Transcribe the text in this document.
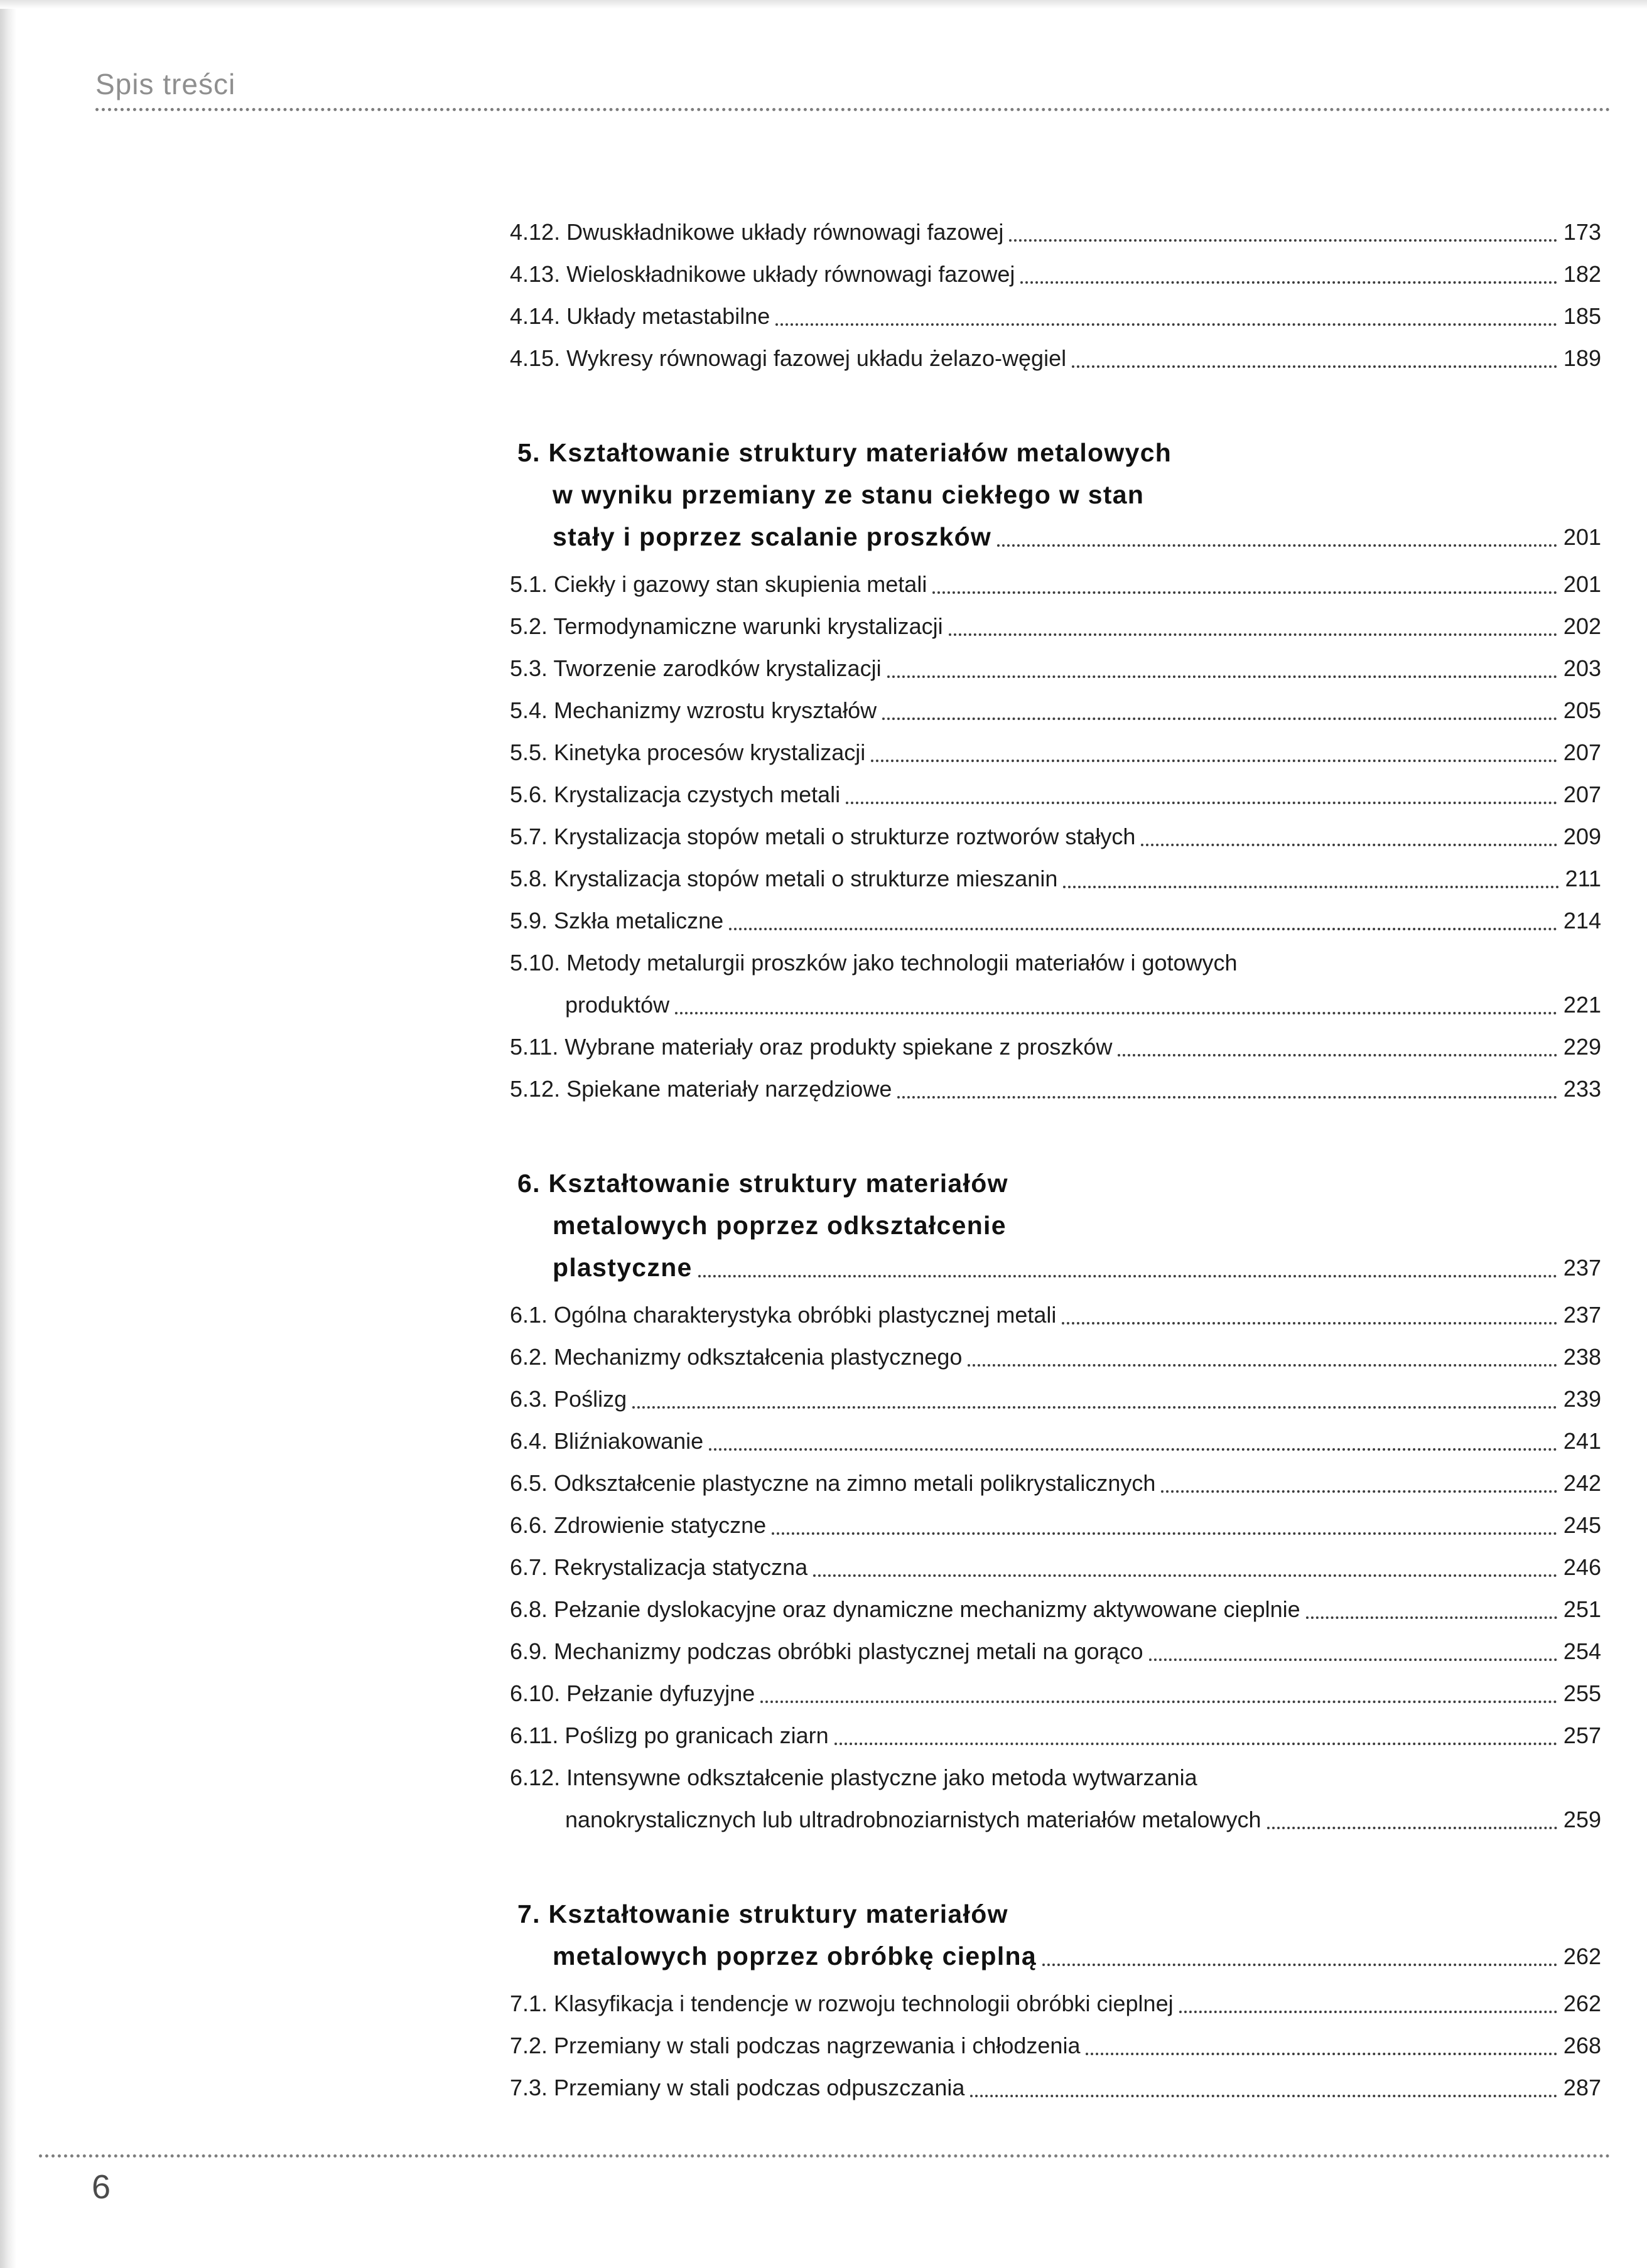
Spis treści
4.12. Dwuskładnikowe układy równowagi fazowej	173
4.13. Wieloskładnikowe układy równowagi fazowej	182
4.14. Układy metastabilne	185
4.15. Wykresy równowagi fazowej układu żelazo-węgiel	189
5. Kształtowanie struktury materiałów metalowych
w wyniku przemiany ze stanu ciekłego w stan
stały i poprzez scalanie proszków	201
5.1. Ciekły i gazowy stan skupienia metali	201
5.2. Termodynamiczne warunki krystalizacji	202
5.3. Tworzenie zarodków krystalizacji	203
5.4. Mechanizmy wzrostu kryształów	205
5.5. Kinetyka procesów krystalizacji	207
5.6. Krystalizacja czystych metali	207
5.7. Krystalizacja stopów metali o strukturze roztworów stałych	209
5.8. Krystalizacja stopów metali o strukturze mieszanin	211
5.9. Szkła metaliczne	214
5.10. Metody metalurgii proszków jako technologii materiałów i gotowych
produktów	221
5.11. Wybrane materiały oraz produkty spiekane z proszków	229
5.12. Spiekane materiały narzędziowe	233
6. Kształtowanie struktury materiałów
metalowych poprzez odkształcenie
plastyczne	237
6.1. Ogólna charakterystyka obróbki plastycznej metali	237
6.2. Mechanizmy odkształcenia plastycznego	238
6.3. Poślizg	239
6.4. Bliźniakowanie	241
6.5. Odkształcenie plastyczne na zimno metali polikrystalicznych	242
6.6. Zdrowienie statyczne	245
6.7. Rekrystalizacja statyczna	246
6.8. Pełzanie dyslokacyjne oraz dynamiczne mechanizmy aktywowane cieplnie	251
6.9. Mechanizmy podczas obróbki plastycznej metali na gorąco	254
6.10. Pełzanie dyfuzyjne	255
6.11. Poślizg po granicach ziarn	257
6.12. Intensywne odkształcenie plastyczne jako metoda wytwarzania
nanokrystalicznych lub ultradrobnoziarnistych materiałów metalowych	259
7. Kształtowanie struktury materiałów
metalowych poprzez obróbkę cieplną	262
7.1. Klasyfikacja i tendencje w rozwoju technologii obróbki cieplnej	262
7.2. Przemiany w stali podczas nagrzewania i chłodzenia	268
7.3. Przemiany w stali podczas odpuszczania	287
6
